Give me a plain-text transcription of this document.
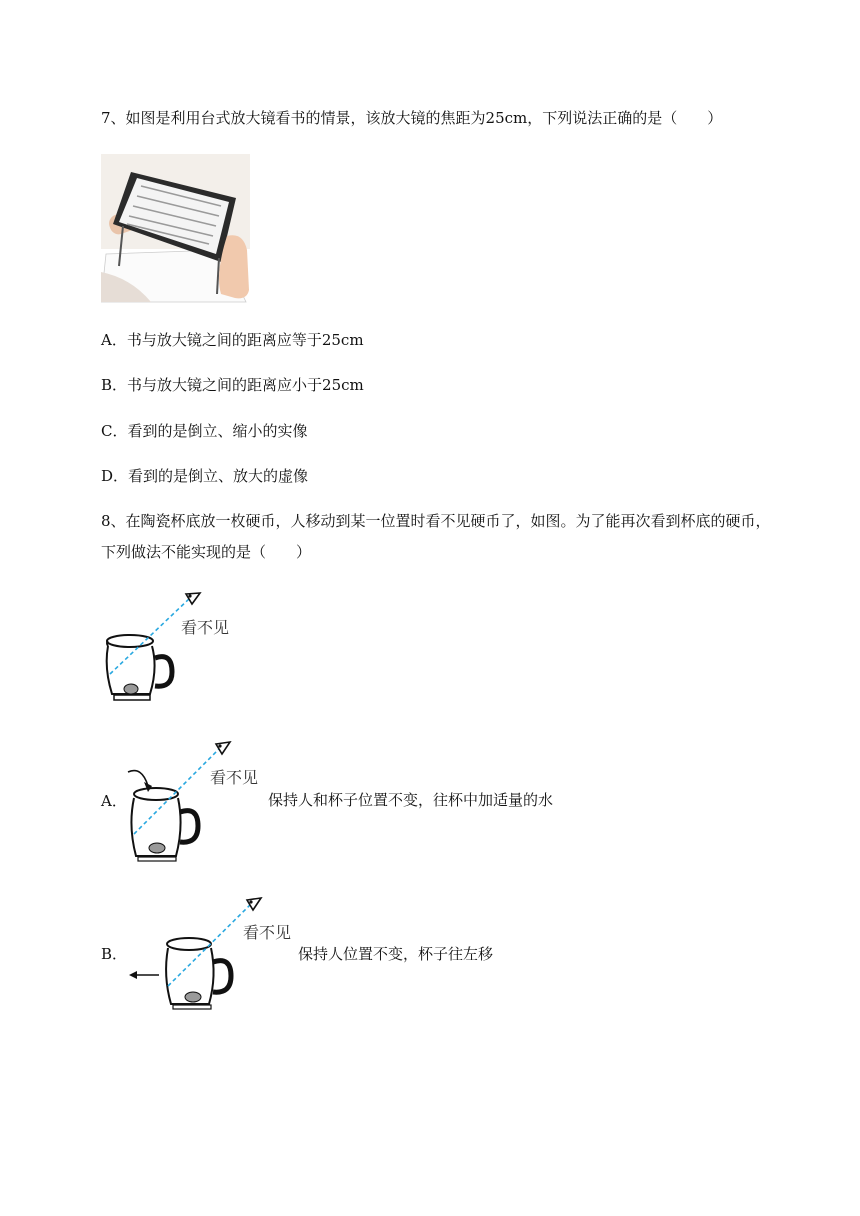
7、如图是利用台式放大镜看书的情景，该放大镜的焦距为25cm，下列说法正确的是（　　）
A．书与放大镜之间的距离应等于25cm
B．书与放大镜之间的距离应小于25cm
C．看到的是倒立、缩小的实像
D．看到的是倒立、放大的虚像
8、在陶瓷杯底放一枚硬币，人移动到某一位置时看不见硬币了，如图。为了能再次看到杯底的硬币，
下列做法不能实现的是（　　）
看不见
A．
看不见
保持人和杯子位置不变，往杯中加适量的水
B．
看不见
保持人位置不变，杯子往左移
